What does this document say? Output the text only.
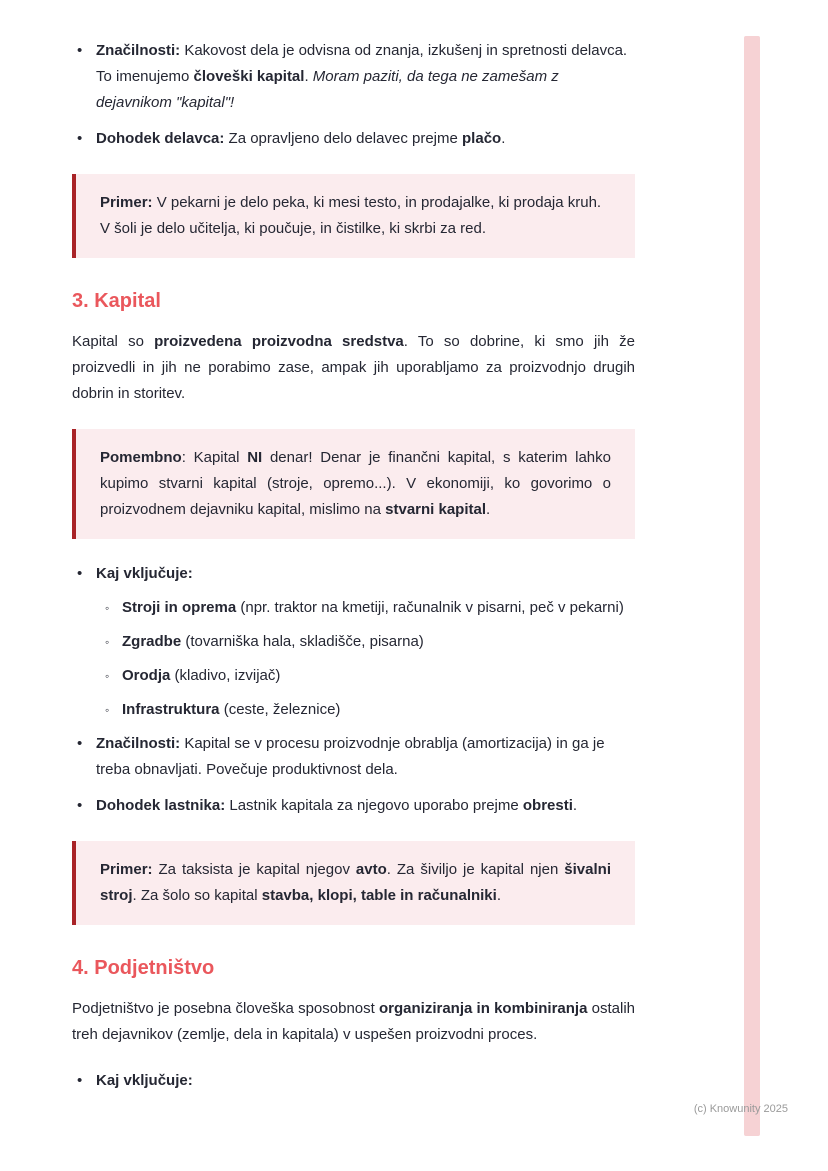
• Značilnosti: Kakovost dela je odvisna od znanja, izkušenj in spretnosti delavca. To imenujemo človeški kapital. Moram paziti, da tega ne zamešam z dejavnikom "kapital"!
• Dohodek delavca: Za opravljeno delo delavec prejme plačo.
Primer: V pekarni je delo peka, ki mesi testo, in prodajalke, ki prodaja kruh. V šoli je delo učitelja, ki poučuje, in čistilke, ki skrbi za red.
3. Kapital

Kapital so proizvedena proizvodna sredstva. To so dobrine, ki smo jih že proizvedli in jih ne porabimo zase, ampak jih uporabljamo za proizvodnjo drugih dobrin in storitev.

Pomembno: Kapital NI denar! Denar je finančni kapital, s katerim lahko kupimo stvarni kapital (stroje, opremo...). V ekonomiji, ko govorimo o proizvodnem dejavniku kapital, mislimo na stvarni kapital.
• Kaj vključuje:
◦ Stroji in oprema (npr. traktor na kmetiji, računalnik v pisarni, peč v pekarni)
◦ Zgradbe (tovarniška hala, skladišče, pisarna)
◦ Orodja (kladivo, izvijač)
◦ Infrastruktura (ceste, železnice)
• Značilnosti: Kapital se v procesu proizvodnje obrablja (amortizacija) in ga je treba obnavljati. Povečuje produktivnost dela.
• Dohodek lastnika: Lastnik kapitala za njegovo uporabo prejme obresti.
Primer: Za taksista je kapital njegov avto. Za šiviljo je kapital njen šivalni stroj. Za šolo so kapital stavba, klopi, table in računalniki.
4. Podjetništvo

Podjetništvo je posebna človeška sposobnost organiziranja in kombiniranja ostalih treh dejavnikov (zemlje, dela in kapitala) v uspešen proizvodni proces.

• Kaj vključuje:
(c) Knowunity 2025
